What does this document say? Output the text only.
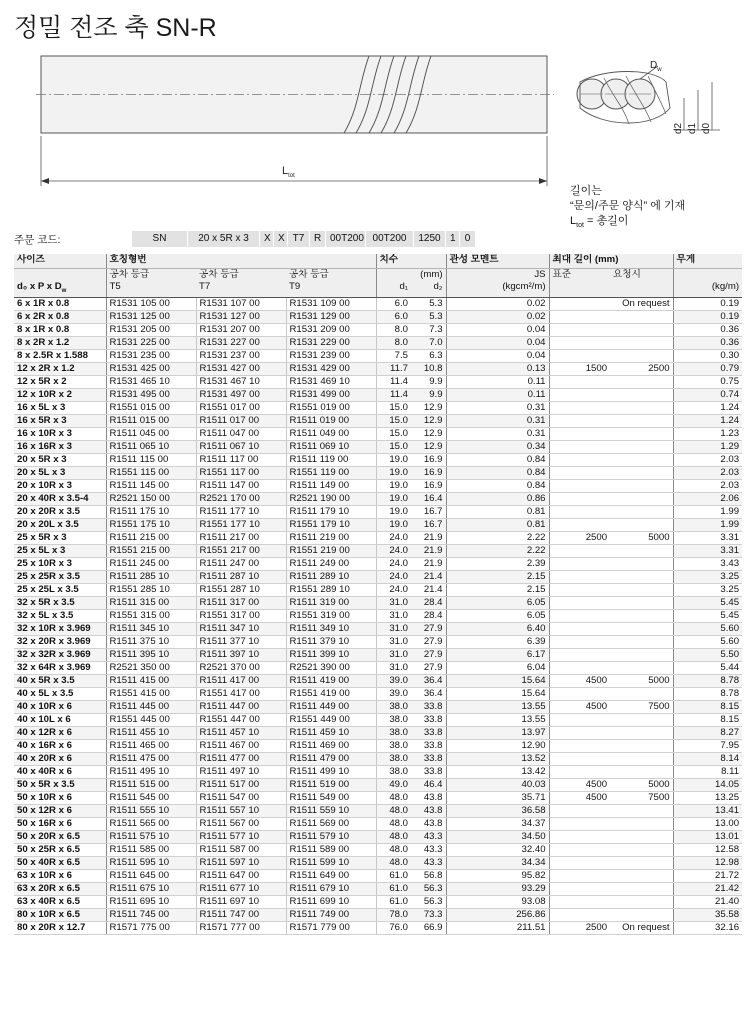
정밀 전조 축 SN-R
$L_{tot}$
$D_w$
d2 d1 d0
길이는
“문의/주문 양식” 에 기재
$L_{tot}$ = 총길이
주문 코드:	SN	20 x 5R x 3	X X T7 R 00T200 00T200	1250 1 0
사이즈	호칭형번			치수		관성 모멘트	최대 길이 (mm)		무게
	공차 등급	공차 등급	공차 등급	(mm)		JS	표준	요청시	
d₀ x P x $D_w$	T5	T7	T9	d₁	d₂	(kgcm²/m)			(kg/m)
6 x 1R x 0.8	R1531 105 00	R1531 107 00	R1531 109 00	6.0	5.3	0.02		On request	0.19
6 x 2R x 0.8	R1531 125 00	R1531 127 00	R1531 129 00	6.0	5.3	0.02			0.19
8 x 1R x 0.8	R1531 205 00	R1531 207 00	R1531 209 00	8.0	7.3	0.04			0.36
8 x 2R x 1.2	R1531 225 00	R1531 227 00	R1531 229 00	8.0	7.0	0.04			0.36
8 x 2.5R x 1.588	R1531 235 00	R1531 237 00	R1531 239 00	7.5	6.3	0.04			0.30
12 x 2R x 1.2	R1531 425 00	R1531 427 00	R1531 429 00	11.7	10.8	0.13	1500	2500	0.79
12 x 5R x 2	R1531 465 10	R1531 467 10	R1531 469 10	11.4	9.9	0.11			0.75
12 x 10R x 2	R1531 495 00	R1531 497 00	R1531 499 00	11.4	9.9	0.11			0.74
16 x 5L x 3	R1551 015 00	R1551 017 00	R1551 019 00	15.0	12.9	0.31			1.24
16 x 5R x 3	R1511 015 00	R1511 017 00	R1511 019 00	15.0	12.9	0.31			1.24
16 x 10R x 3	R1511 045 00	R1511 047 00	R1511 049 00	15.0	12.9	0.31			1.23
16 x 16R x 3	R1511 065 10	R1511 067 10	R1511 069 10	15.0	12.9	0.34			1.29
20 x 5R x 3	R1511 115 00	R1511 117 00	R1511 119 00	19.0	16.9	0.84			2.03
20 x 5L x 3	R1551 115 00	R1551 117 00	R1551 119 00	19.0	16.9	0.84			2.03
20 x 10R x 3	R1511 145 00	R1511 147 00	R1511 149 00	19.0	16.9	0.84			2.03
20 x 40R x 3.5-4	R2521 150 00	R2521 170 00	R2521 190 00	19.0	16.4	0.86			2.06
20 x 20R x 3.5	R1511 175 10	R1511 177 10	R1511 179 10	19.0	16.7	0.81			1.99
20 x 20L x 3.5	R1551 175 10	R1551 177 10	R1551 179 10	19.0	16.7	0.81			1.99
25 x 5R x 3	R1511 215 00	R1511 217 00	R1511 219 00	24.0	21.9	2.22	2500	5000	3.31
25 x 5L x 3	R1551 215 00	R1551 217 00	R1551 219 00	24.0	21.9	2.22			3.31
25 x 10R x 3	R1511 245 00	R1511 247 00	R1511 249 00	24.0	21.9	2.39			3.43
25 x 25R x 3.5	R1511 285 10	R1511 287 10	R1511 289 10	24.0	21.4	2.15			3.25
25 x 25L x 3.5	R1551 285 10	R1551 287 10	R1551 289 10	24.0	21.4	2.15			3.25
32 x 5R x 3.5	R1511 315 00	R1511 317 00	R1511 319 00	31.0	28.4	6.05			5.45
32 x 5L x 3.5	R1551 315 00	R1551 317 00	R1551 319 00	31.0	28.4	6.05			5.45
32 x 10R x 3.969	R1511 345 10	R1511 347 10	R1511 349 10	31.0	27.9	6.40			5.60
32 x 20R x 3.969	R1511 375 10	R1511 377 10	R1511 379 10	31.0	27.9	6.39			5.60
32 x 32R x 3.969	R1511 395 10	R1511 397 10	R1511 399 10	31.0	27.9	6.17			5.50
32 x 64R x 3.969	R2521 350 00	R2521 370 00	R2521 390 00	31.0	27.9	6.04			5.44
40 x 5R x 3.5	R1511 415 00	R1511 417 00	R1511 419 00	39.0	36.4	15.64	4500	5000	8.78
40 x 5L x 3.5	R1551 415 00	R1551 417 00	R1551 419 00	39.0	36.4	15.64			8.78
40 x 10R x 6	R1511 445 00	R1511 447 00	R1511 449 00	38.0	33.8	13.55	4500	7500	8.15
40 x 10L x 6	R1551 445 00	R1551 447 00	R1551 449 00	38.0	33.8	13.55			8.15
40 x 12R x 6	R1511 455 10	R1511 457 10	R1511 459 10	38.0	33.8	13.97			8.27
40 x 16R x 6	R1511 465 00	R1511 467 00	R1511 469 00	38.0	33.8	12.90			7.95
40 x 20R x 6	R1511 475 00	R1511 477 00	R1511 479 00	38.0	33.8	13.52			8.14
40 x 40R x 6	R1511 495 10	R1511 497 10	R1511 499 10	38.0	33.8	13.42			8.11
50 x 5R x 3.5	R1511 515 00	R1511 517 00	R1511 519 00	49.0	46.4	40.03	4500	5000	14.05
50 x 10R x 6	R1511 545 00	R1511 547 00	R1511 549 00	48.0	43.8	35.71	4500	7500	13.25
50 x 12R x 6	R1511 555 10	R1511 557 10	R1511 559 10	48.0	43.8	36.58			13.41
50 x 16R x 6	R1511 565 00	R1511 567 00	R1511 569 00	48.0	43.8	34.37			13.00
50 x 20R x 6.5	R1511 575 10	R1511 577 10	R1511 579 10	48.0	43.3	34.50			13.01
50 x 25R x 6.5	R1511 585 00	R1511 587 00	R1511 589 00	48.0	43.3	32.40			12.58
50 x 40R x 6.5	R1511 595 10	R1511 597 10	R1511 599 10	48.0	43.3	34.34			12.98
63 x 10R x 6	R1511 645 00	R1511 647 00	R1511 649 00	61.0	56.8	95.82			21.72
63 x 20R x 6.5	R1511 675 10	R1511 677 10	R1511 679 10	61.0	56.3	93.29			21.42
63 x 40R x 6.5	R1511 695 10	R1511 697 10	R1511 699 10	61.0	56.3	93.08			21.40
80 x 10R x 6.5	R1511 745 00	R1511 747 00	R1511 749 00	78.0	73.3	256.86			35.58
80 x 20R x 12.7	R1571 775 00	R1571 777 00	R1571 779 00	76.0	66.9	211.51	2500	On request	32.16
